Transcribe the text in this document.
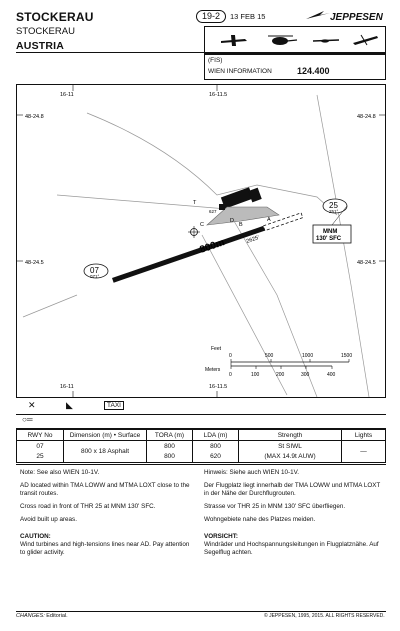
STOCKERAU
STOCKERAU
AUSTRIA
19-2	13 FEB 15	JEPPESEN
(FIS)
WIEN INFORMATION	124.400
16-11	16-11.5
16-11	16-11.5
48-24.8	48-24.8
48-24.5	48-24.5
07
071°
25
251°
800m	2625'
MNM
130' SFC
A
B
C
D
T
627
Feet
Meters
0	500	1000	1500
0	100	200	300	400
✕	◣	TAXI
○═
RWY No	Dimension (m) • Surface	TORA (m)	LDA (m)	Strength	Lights
07	800 x 18 Asphalt	800	800	St SIWL	—
25		800	620	(MAX 14.9t AUW)	

Note: See also WIEN 10-1V.

AD located within TMA LOWW and MTMA LOXT close to the transit routes.

Cross road in front of THR 25 at MNM 130' SFC.

Avoid built up areas.

CAUTION:

Wind turbines and high-tensions lines near AD. Pay attention to glider activity.

Hinweis: Siehe auch WIEN 10-1V.

Der Flugplatz liegt innerhalb der TMA LOWW und MTMA LOXT in der Nähe der Durchflugrouten.

Strasse vor THR 25 in MNM 130' SFC überfliegen.

Wohngebiete nahe des Platzes meiden.

VORSICHT:

Windräder und Hochspannungsleitungen in Flugplatznähe. Auf Segelflug achten.

CHANGES: Editorial.	© JEPPESEN, 1995, 2015. ALL RIGHTS RESERVED.
